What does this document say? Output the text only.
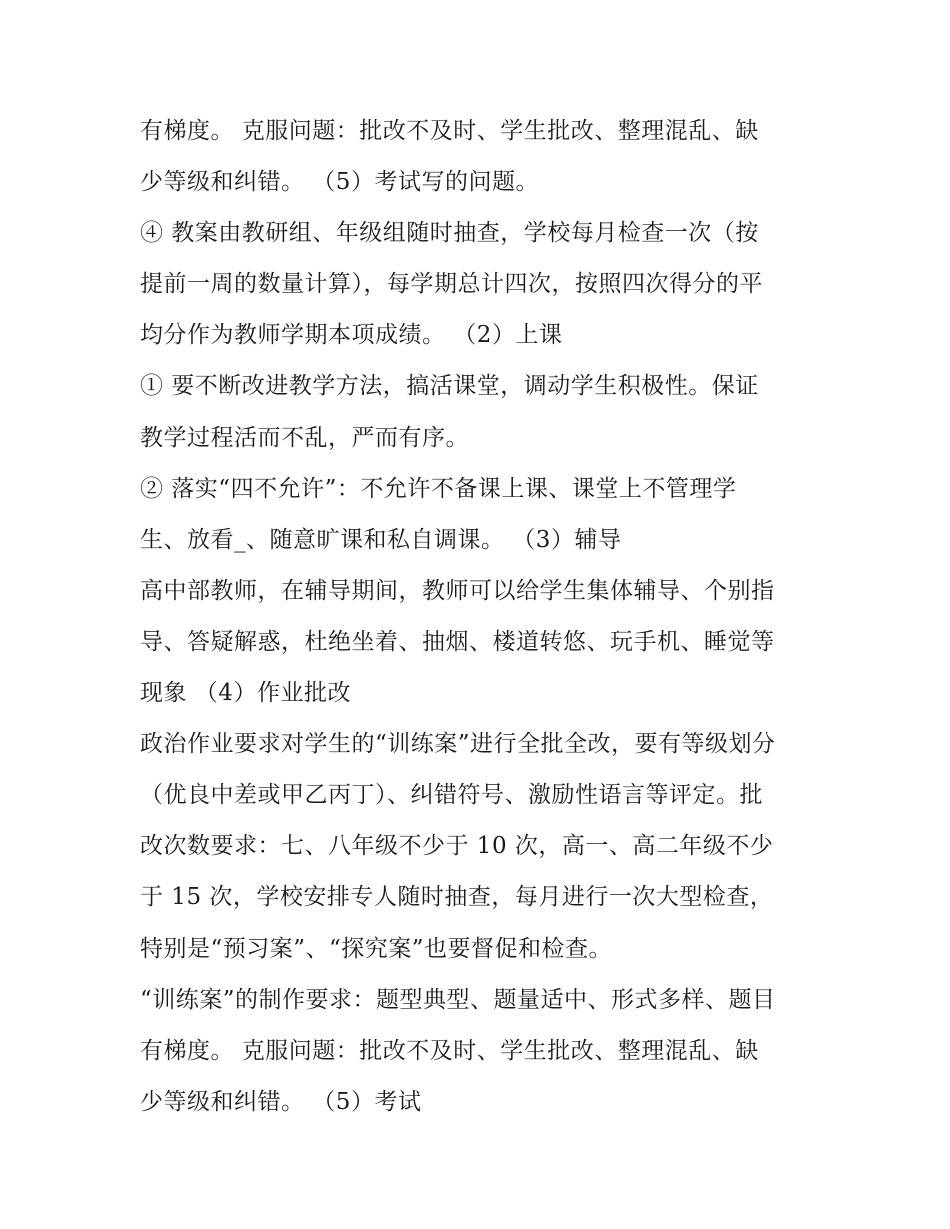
有梯度。 克服问题：批改不及时、学生批改、整理混乱、缺
少等级和纠错。 （5）考试写的问题。
④ 教案由教研组、年级组随时抽查，学校每月检查一次（按
提前一周的数量计算），每学期总计四次，按照四次得分的平
均分作为教师学期本项成绩。 （2）上课
① 要不断改进教学方法，搞活课堂，调动学生积极性。保证
教学过程活而不乱，严而有序。
② 落实“四不允许”：不允许不备课上课、课堂上不管理学
生、放看_、随意旷课和私自调课。 （3）辅导
高中部教师，在辅导期间，教师可以给学生集体辅导、个别指
导、答疑解惑，杜绝坐着、抽烟、楼道转悠、玩手机、睡觉等
现象 （4）作业批改
政治作业要求对学生的“训练案”进行全批全改，要有等级划分
（优良中差或甲乙丙丁）、纠错符号、激励性语言等评定。批
改次数要求：七、八年级不少于 10 次，高一、高二年级不少
于 15 次，学校安排专人随时抽查，每月进行一次大型检查，
特别是“预习案”、“探究案”也要督促和检查。
“训练案”的制作要求：题型典型、题量适中、形式多样、题目
有梯度。 克服问题：批改不及时、学生批改、整理混乱、缺
少等级和纠错。 （5）考试
